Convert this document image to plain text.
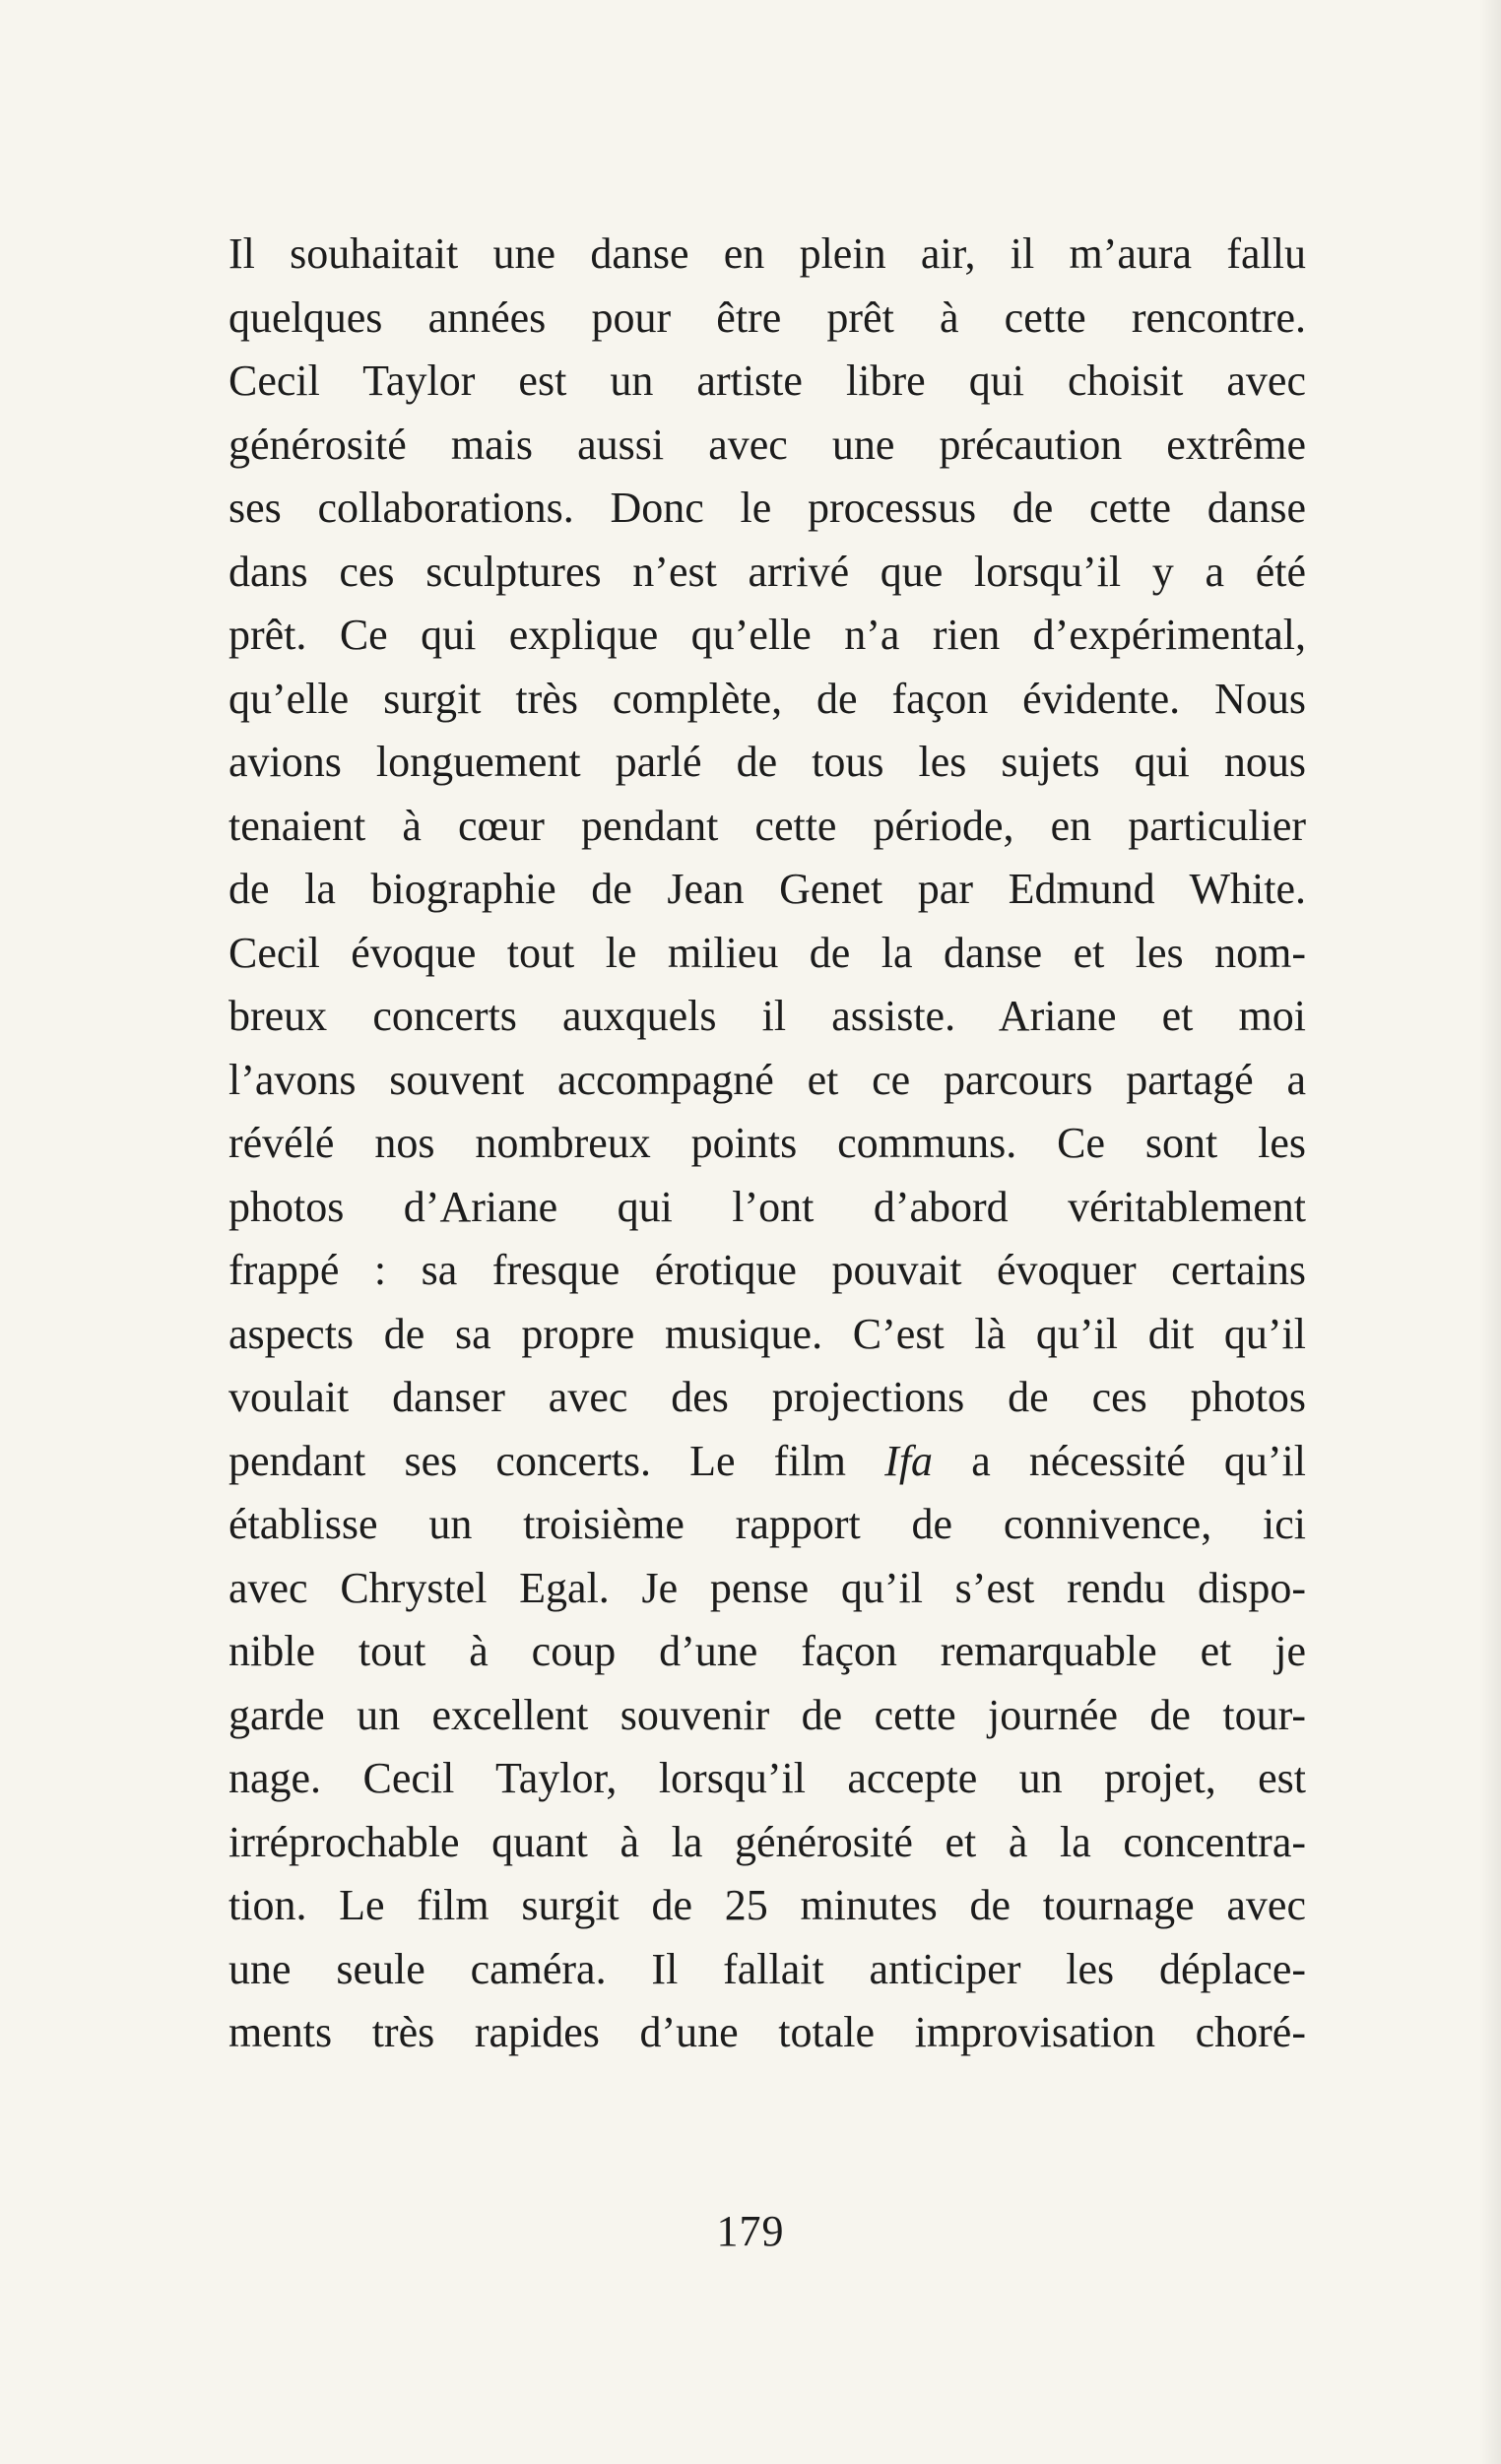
Il souhaitait une danse en plein air, il m’aura fallu
quelques années pour être prêt à cette rencontre.
Cecil Taylor est un artiste libre qui choisit avec
générosité mais aussi avec une précaution extrême
ses collaborations. Donc le processus de cette danse
dans ces sculptures n’est arrivé que lorsqu’il y a été
prêt. Ce qui explique qu’elle n’a rien d’expérimental,
qu’elle surgit très complète, de façon évidente. Nous
avions longuement parlé de tous les sujets qui nous
tenaient à cœur pendant cette période, en particulier
de la biographie de Jean Genet par Edmund White.
Cecil évoque tout le milieu de la danse et les nom-
breux concerts auxquels il assiste. Ariane et moi
l’avons souvent accompagné et ce parcours partagé a
révélé nos nombreux points communs. Ce sont les
photos d’Ariane qui l’ont d’abord véritablement
frappé : sa fresque érotique pouvait évoquer certains
aspects de sa propre musique. C’est là qu’il dit qu’il
voulait danser avec des projections de ces photos
pendant ses concerts. Le film Ifa a nécessité qu’il
établisse un troisième rapport de connivence, ici
avec Chrystel Egal. Je pense qu’il s’est rendu dispo-
nible tout à coup d’une façon remarquable et je
garde un excellent souvenir de cette journée de tour-
nage. Cecil Taylor, lorsqu’il accepte un projet, est
irréprochable quant à la générosité et à la concentra-
tion. Le film surgit de 25 minutes de tournage avec
une seule caméra. Il fallait anticiper les déplace-
ments très rapides d’une totale improvisation choré-
179
